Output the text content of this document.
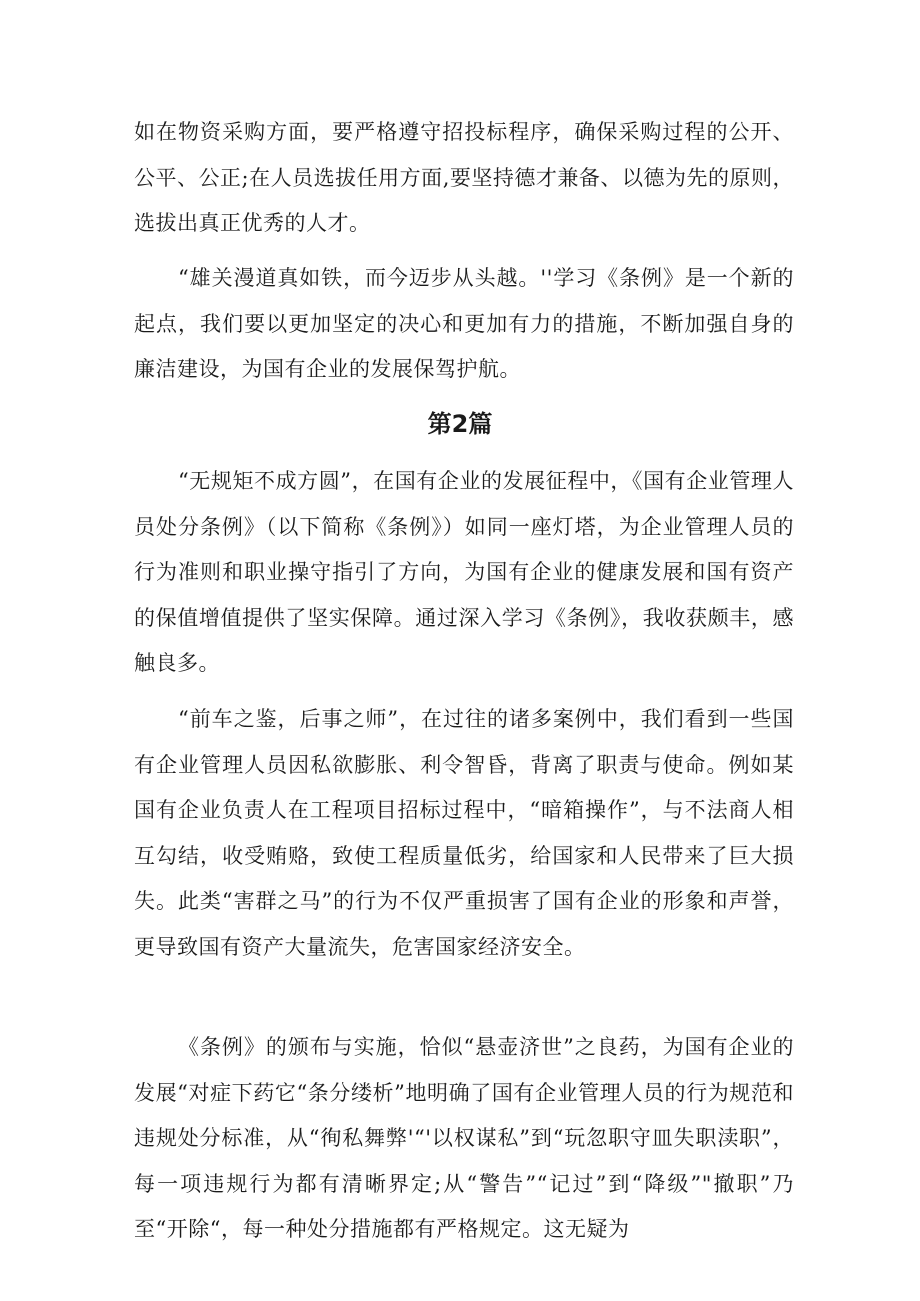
如在物资采购方面，要严格遵守招投标程序，确保采购过程的公开、公平、公正;在人员选拔任用方面,要坚持德才兼备、以德为先的原则，选拔出真正优秀的人才。

“雄关漫道真如铁，而今迈步从头越。''学习《条例》是一个新的起点，我们要以更加坚定的决心和更加有力的措施，不断加强自身的廉洁建设，为国有企业的发展保驾护航。

第2篇

“无规矩不成方圆”，在国有企业的发展征程中，《国有企业管理人员处分条例》（以下简称《条例》）如同一座灯塔，为企业管理人员的行为准则和职业操守指引了方向，为国有企业的健康发展和国有资产的保值增值提供了坚实保障。通过深入学习《条例》，我收获颇丰，感触良多。

“前车之鉴，后事之师”，在过往的诸多案例中，我们看到一些国有企业管理人员因私欲膨胀、利令智昏，背离了职责与使命。例如某国有企业负责人在工程项目招标过程中，“暗箱操作”，与不法商人相互勾结，收受贿赂，致使工程质量低劣，给国家和人民带来了巨大损失。此类“害群之马”的行为不仅严重损害了国有企业的形象和声誉，更导致国有资产大量流失，危害国家经济安全。

《条例》的颁布与实施，恰似“悬壶济世”之良药，为国有企业的发展“对症下药它“条分缕析”地明确了国有企业管理人员的行为规范和违规处分标准，从“徇私舞弊'“'以权谋私”到“玩忽职守皿失职渎职”，每一项违规行为都有清晰界定;从“警告”“记过”到“降级”"撤职”乃至“开除“，每一种处分措施都有严格规定。这无疑为
